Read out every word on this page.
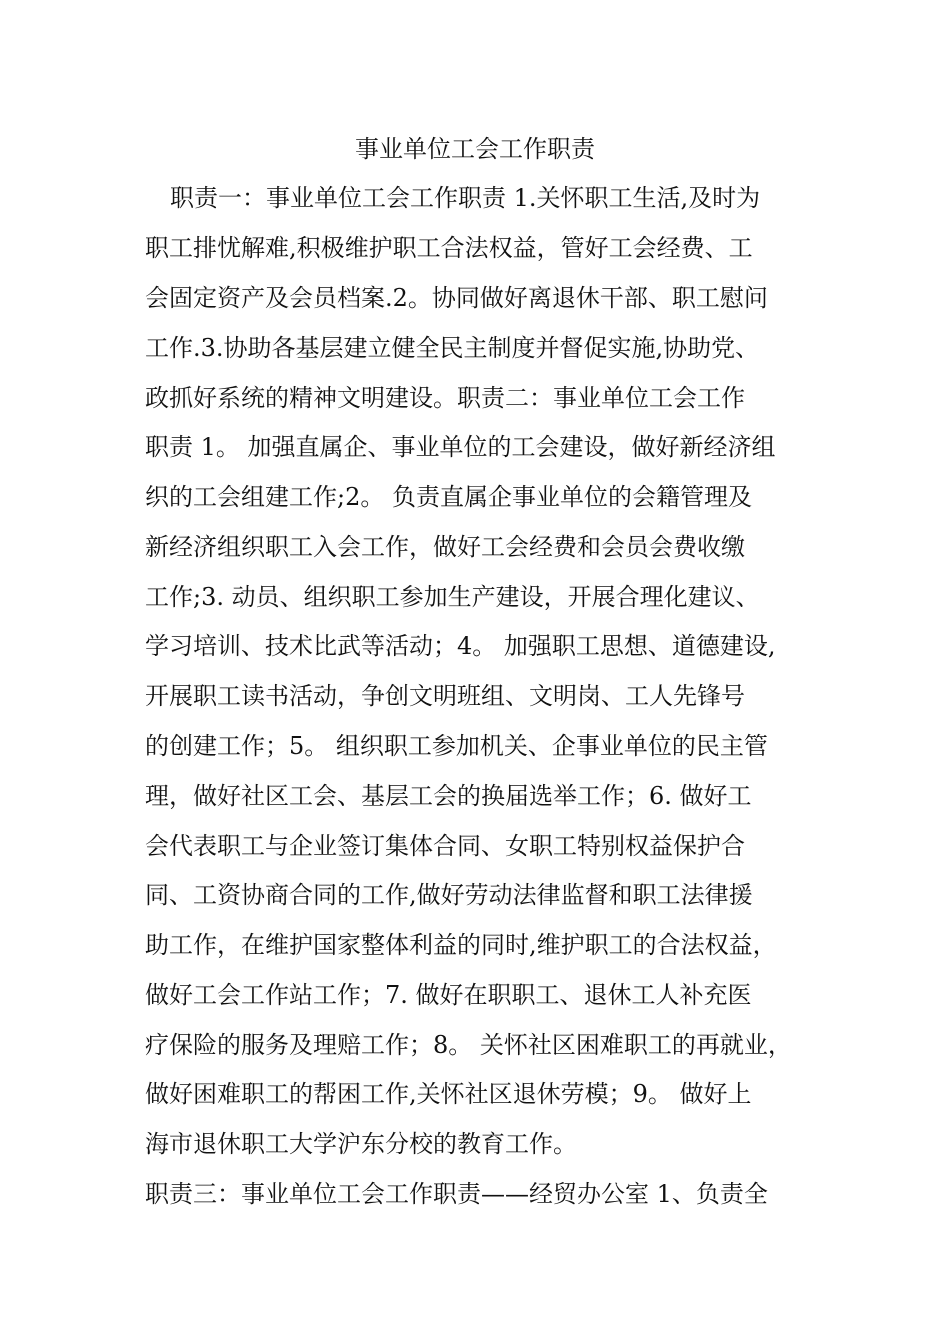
事业单位工会工作职责
职责一：事业单位工会工作职责 1.关怀职工生活,及时为
职工排忧解难,积极维护职工合法权益，管好工会经费、工
会固定资产及会员档案.2。协同做好离退休干部、职工慰问
工作.3.协助各基层建立健全民主制度并督促实施,协助党、
政抓好系统的精神文明建设。职责二：事业单位工会工作
职责 1。 加强直属企、事业单位的工会建设，做好新经济组
织的工会组建工作;2。 负责直属企事业单位的会籍管理及
新经济组织职工入会工作，做好工会经费和会员会费收缴
工作;3. 动员、组织职工参加生产建设，开展合理化建议、
学习培训、技术比武等活动；4。 加强职工思想、道德建设,
开展职工读书活动，争创文明班组、文明岗、工人先锋号
的创建工作；5。 组织职工参加机关、企事业单位的民主管
理，做好社区工会、基层工会的换届选举工作；6. 做好工
会代表职工与企业签订集体合同、女职工特别权益保护合
同、工资协商合同的工作,做好劳动法律监督和职工法律援
助工作，在维护国家整体利益的同时,维护职工的合法权益，
做好工会工作站工作；7. 做好在职职工、退休工人补充医
疗保险的服务及理赔工作；8。 关怀社区困难职工的再就业，
做好困难职工的帮困工作,关怀社区退休劳模；9。 做好上
海市退休职工大学沪东分校的教育工作。
职责三：事业单位工会工作职责——经贸办公室 1、负责全
